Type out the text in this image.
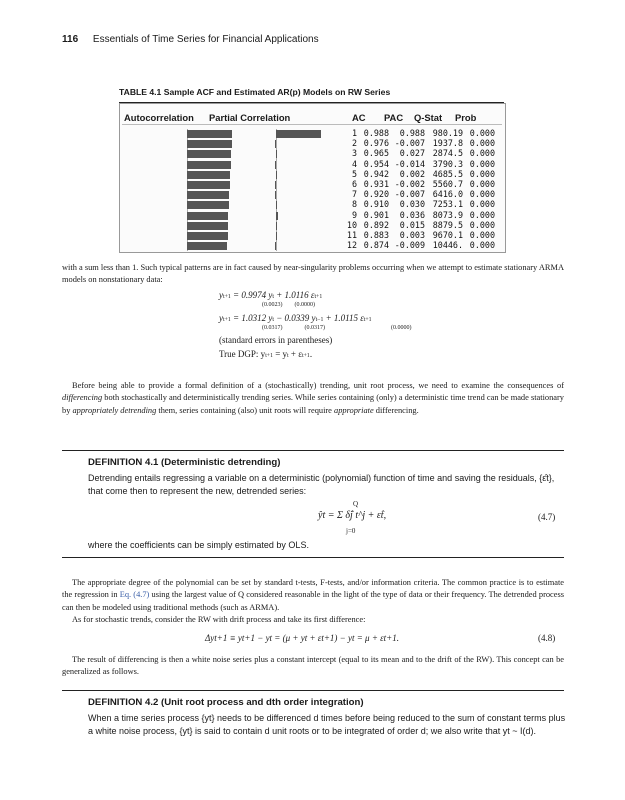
116 Essentials of Time Series for Financial Applications
TABLE 4.1 Sample ACF and Estimated AR(p) Models on RW Series
Autocorrelation Partial Correlation	AC PAC Q-Stat Prob
1 0.988	0.988 980.19 0.000
2 0.976 -0.007 1937.8 0.000
3 0.965	0.027 2874.5 0.000
4 0.954 -0.014 3790.3 0.000
5 0.942	0.002 4685.5 0.000
6 0.931 -0.002 5560.7 0.000
7 0.920 -0.007 6416.0 0.000
8 0.910	0.030 7253.1 0.000
9 0.901	0.036 8073.9 0.000
10 0.892	0.015 8879.5 0.000
11 0.883	0.003 9670.1 0.000
12 0.874 -0.009 10446. 0.000
with a sum less than 1. Such typical patterns are in fact caused by near-singularity problems occurring when we attempt to estimate stationary ARMA models on nonstationary data:
yt+1 = 0.9974 yt + 1.0116 εt+1
(0.0023) (0.0000)
yt+1 = 1.0312 yt − 0.0339 yt−1 + 1.0115 εt+1
(0.0317)	(0.0317)	(0.0000)
(standard errors in parentheses)
True DGP: yt+1 = yt + εt+1.
Before being able to provide a formal definition of a (stochastically) trending, unit root process, we need to examine the consequences of differencing both stochastically and deterministically trending series. While series containing (only) a deterministic time trend can be made stationary by appropriately detrending them, series containing (also) unit roots will require appropriate differencing.
DEFINITION 4.1 (Deterministic detrending)
Detrending entails regressing a variable on a deterministic (polynomial) function of time and saving the residuals, {ε̂t}, that come then to represent the new, detrended series:
Q
ŷt = Σ δ̂j t^j + ε̂t,
j=0
(4.7)
where the coefficients can be simply estimated by OLS.
The appropriate degree of the polynomial can be set by standard t-tests, F-tests, and/or information criteria. The common practice is to estimate the regression in Eq. (4.7) using the largest value of Q considered reasonable in the light of the type of data or their frequency. The detrended process can then be modeled using traditional methods (such as ARMA).
As for stochastic trends, consider the RW with drift process and take its first difference:
Δyt+1 ≡ yt+1 − yt = (μ + yt + εt+1) − yt = μ + εt+1.	(4.8)
The result of differencing is then a white noise series plus a constant intercept (equal to its mean and to the drift of the RW). This concept can be generalized as follows.
DEFINITION 4.2 (Unit root process and dth order integration)
When a time series process {yt} needs to be differenced d times before being reduced to the sum of constant terms plus a white noise process, {yt} is said to contain d unit roots or to be integrated of order d; we also write that yt ~ I(d).
